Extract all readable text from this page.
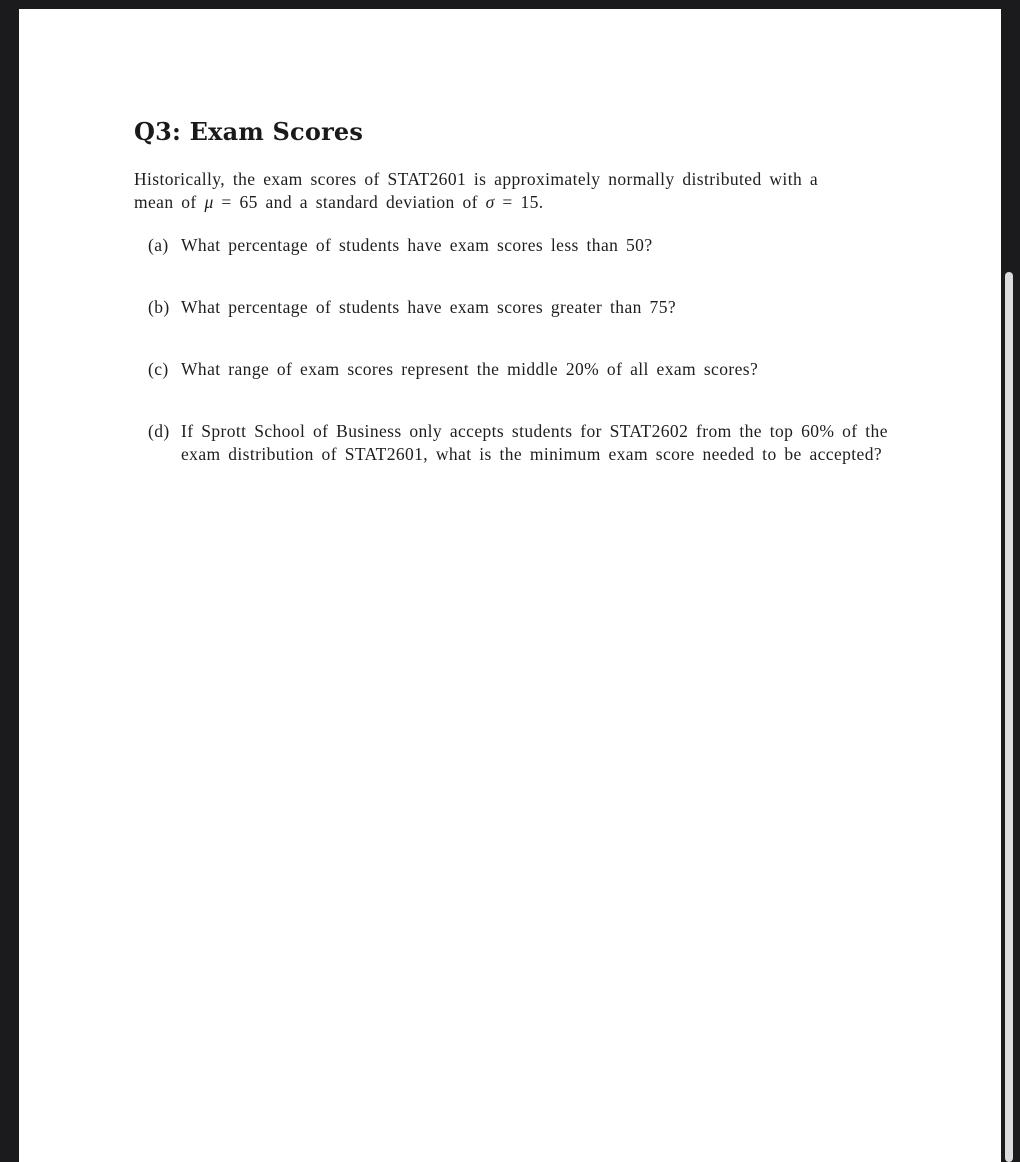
Q3: Exam Scores

Historically, the exam scores of STAT2601 is approximately normally distributed with a
mean of μ = 65 and a standard deviation of σ = 15.

(a) What percentage of students have exam scores less than 50?
(b) What percentage of students have exam scores greater than 75?
(c) What range of exam scores represent the middle 20% of all exam scores?
(d) If Sprott School of Business only accepts students for STAT2602 from the top 60% of the exam distribution of STAT2601, what is the minimum exam score needed to be accepted?
